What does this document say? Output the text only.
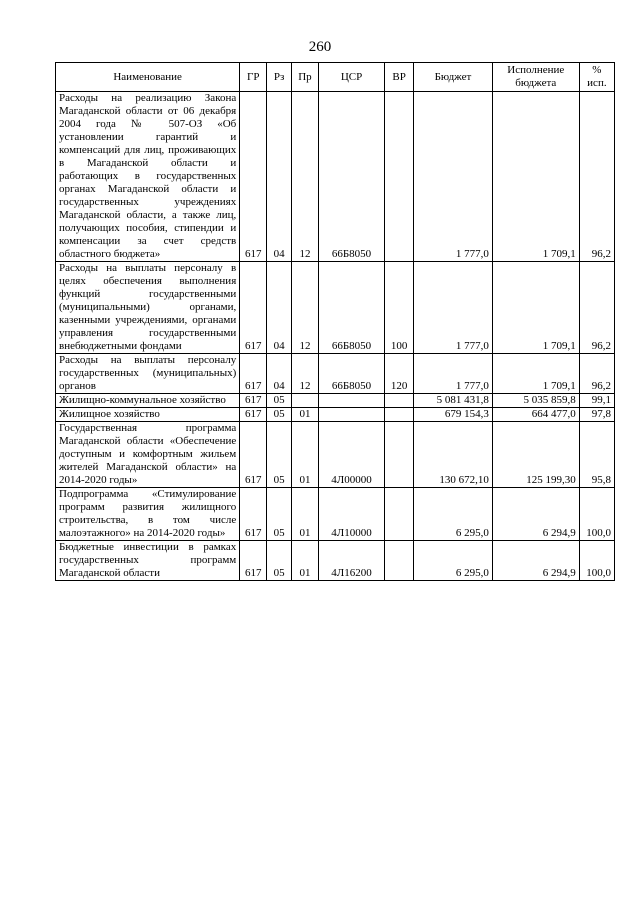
260
Наименование	ГР	Рз	Пр	ЦСР	ВР	Бюджет	Исполнение бюджета	% исп.
Расходы на реализацию Закона Магаданской области от 06 декабря 2004 года № 507-ОЗ «Об установлении гарантий и компенсаций для лиц, проживающих в Магаданской области и работающих в государственных органах Магаданской области и государственных учреждениях Магаданской области, а также лиц, получающих пособия, стипендии и компенсации за счет средств областного бюджета»	617	04	12	66Б8050		1 777,0	1 709,1	96,2
Расходы на выплаты персоналу в целях обеспечения выполнения функций государственными (муниципальными) органами, казенными учреждениями, органами управления государственными внебюджетными фондами	617	04	12	66Б8050	100	1 777,0	1 709,1	96,2
Расходы на выплаты персоналу государственных (муниципальных) органов	617	04	12	66Б8050	120	1 777,0	1 709,1	96,2
Жилищно-коммунальное хозяйство	617	05				5 081 431,8	5 035 859,8	99,1
Жилищное хозяйство	617	05	01			679 154,3	664 477,0	97,8
Государственная программа Магаданской области «Обеспечение доступным и комфортным жильем жителей Магаданской области» на 2014-2020 годы»	617	05	01	4Л00000		130 672,10	125 199,30	95,8
Подпрограмма «Стимулирование программ развития жилищного строительства, в том числе малоэтажного» на 2014-2020 годы»	617	05	01	4Л10000		6 295,0	6 294,9	100,0
Бюджетные инвестиции в рамках государственных программ Магаданской области	617	05	01	4Л16200		6 295,0	6 294,9	100,0
